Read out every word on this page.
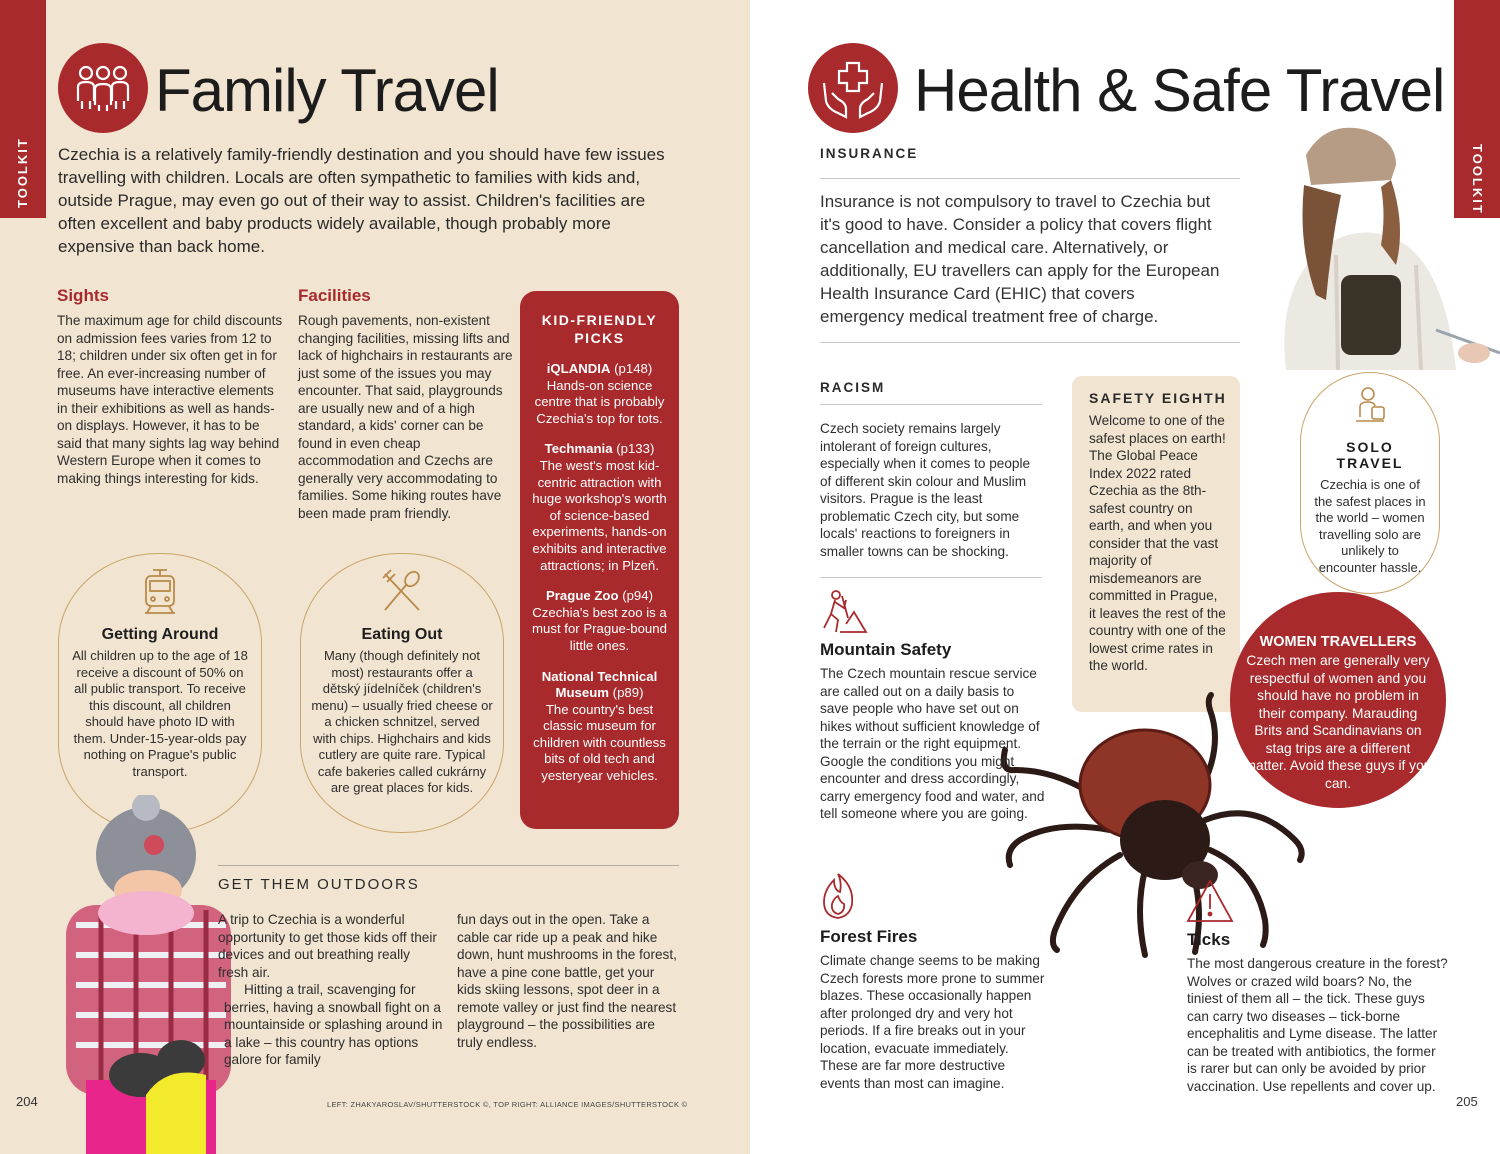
TOOLKIT
Family Travel
Czechia is a relatively family-friendly destination and you should have few issues travelling with children. Locals are often sympathetic to families with kids and, outside Prague, may even go out of their way to assist. Children's facilities are often excellent and baby products widely available, though probably more expensive than back home.
Sights
The maximum age for child discounts on admission fees varies from 12 to 18; children under six often get in for free. An ever-increasing number of museums have interactive elements in their exhibitions as well as hands-on displays. However, it has to be said that many sights lag way behind Western Europe when it comes to making things interesting for kids.
Facilities
Rough pavements, non-existent changing facilities, missing lifts and lack of highchairs in restaurants are just some of the issues you may encounter. That said, playgrounds are usually new and of a high standard, a kids' corner can be found in even cheap accommodation and Czechs are generally very accommodating to families. Some hiking routes have been made pram friendly.
KID-FRIENDLY PICKS
iQLANDIA (p148)
Hands-on science centre that is probably Czechia's top for tots.
Techmania (p133)
The west's most kid-centric attraction with huge workshop's worth of science-based experiments, hands-on exhibits and interactive attractions; in Plzeň.
Prague Zoo (p94)
Czechia's best zoo is a must for Prague-bound little ones.
National Technical Museum (p89)
The country's best classic museum for children with countless bits of old tech and yesteryear vehicles.
Getting Around
All children up to the age of 18 receive a discount of 50% on all public transport. To receive this discount, all children should have photo ID with them. Under-15-year-olds pay nothing on Prague's public transport.
Eating Out
Many (though definitely not most) restaurants offer a dětský jídelníček (children's menu) – usually fried cheese or a chicken schnitzel, served with chips. Highchairs and kids cutlery are quite rare. Typical cafe bakeries called cukrárny are great places for kids.
GET THEM OUTDOORS
A trip to Czechia is a wonderful opportunity to get those kids off their devices and out breathing really fresh air.
Hitting a trail, scavenging for berries, having a snowball fight on a mountainside or splashing around in a lake – this country has options galore for family
fun days out in the open. Take a cable car ride up a peak and hike down, hunt mushrooms in the forest, have a pine cone battle, get your kids skiing lessons, spot deer in a remote valley or just find the nearest playground – the possibilities are truly endless.
204	LEFT: ZHAKYAROSLAV/SHUTTERSTOCK ©, TOP RIGHT: ALLIANCE IMAGES/SHUTTERSTOCK ©
TOOLKIT
Health & Safe Travel
INSURANCE
Insurance is not compulsory to travel to Czechia but it's good to have. Consider a policy that covers flight cancellation and medical care. Alternatively, or additionally, EU travellers can apply for the European Health Insurance Card (EHIC) that covers emergency medical treatment free of charge.
RACISM
Czech society remains largely intolerant of foreign cultures, especially when it comes to people of different skin colour and Muslim visitors. Prague is the least problematic Czech city, but some locals' reactions to foreigners in smaller towns can be shocking.
SAFETY EIGHTH
Welcome to one of the safest places on earth! The Global Peace Index 2022 rated Czechia as the 8th-safest country on earth, and when you consider that the vast majority of misdemeanors are committed in Prague, it leaves the rest of the country with one of the lowest crime rates in the world.
SOLO TRAVEL
Czechia is one of the safest places in the world – women travelling solo are unlikely to encounter hassle.
WOMEN TRAVELLERS
Czech men are generally very respectful of women and you should have no problem in their company. Marauding Brits and Scandinavians on stag trips are a different matter. Avoid these guys if you can.
Mountain Safety
The Czech mountain rescue service are called out on a daily basis to save people who have set out on hikes without sufficient knowledge of the terrain or the right equipment. Google the conditions you might encounter and dress accordingly, carry emergency food and water, and tell someone where you are going.
Forest Fires
Climate change seems to be making Czech forests more prone to summer blazes. These occasionally happen after prolonged dry and very hot periods. If a fire breaks out in your location, evacuate immediately. These are far more destructive events than most can imagine.
Ticks
The most dangerous creature in the forest? Wolves or crazed wild boars? No, the tiniest of them all – the tick. These guys can carry two diseases – tick-borne encephalitis and Lyme disease. The latter can be treated with antibiotics, the former is rarer but can only be avoided by prior vaccination. Use repellents and cover up.
205
